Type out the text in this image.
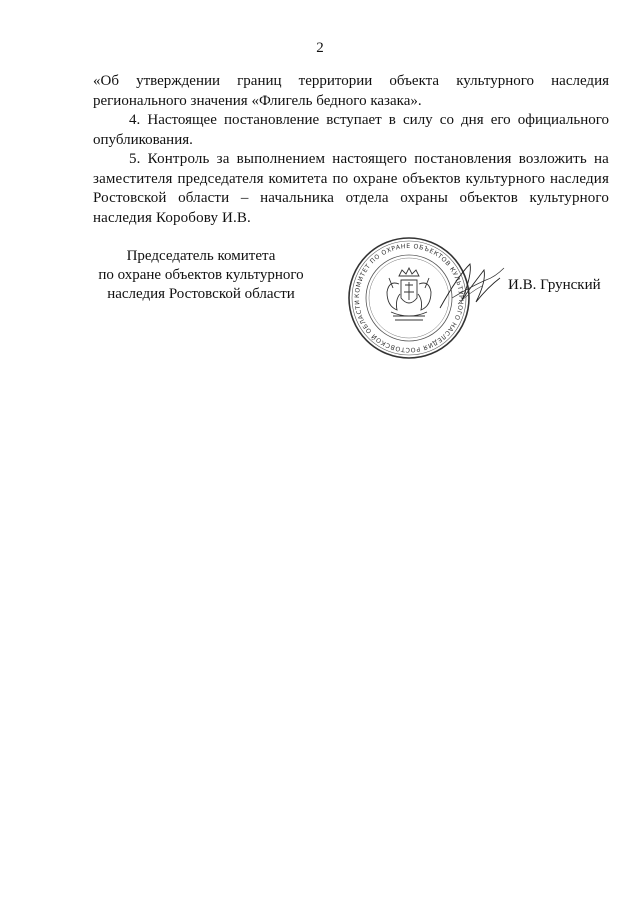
2

«Об утверждении границ территории объекта культурного наследия регионального значения «Флигель бедного казака».

4. Настоящее постановление вступает в силу со дня его официального опубликования.

5. Контроль за выполнением настоящего постановления возложить на заместителя председателя комитета по охране объектов культурного наследия Ростовской области – начальника отдела охраны объектов культурного наследия Коробову И.В.

Председатель комитета
по охране объектов культурного
наследия Ростовской области	КОМИТЕТ ПО ОХРАНЕ ОБЪЕКТОВ КУЛЬТУРНОГО НАСЛЕДИЯ РОСТОВСКОЙ ОБЛАСТИ
И.В. Грунский
